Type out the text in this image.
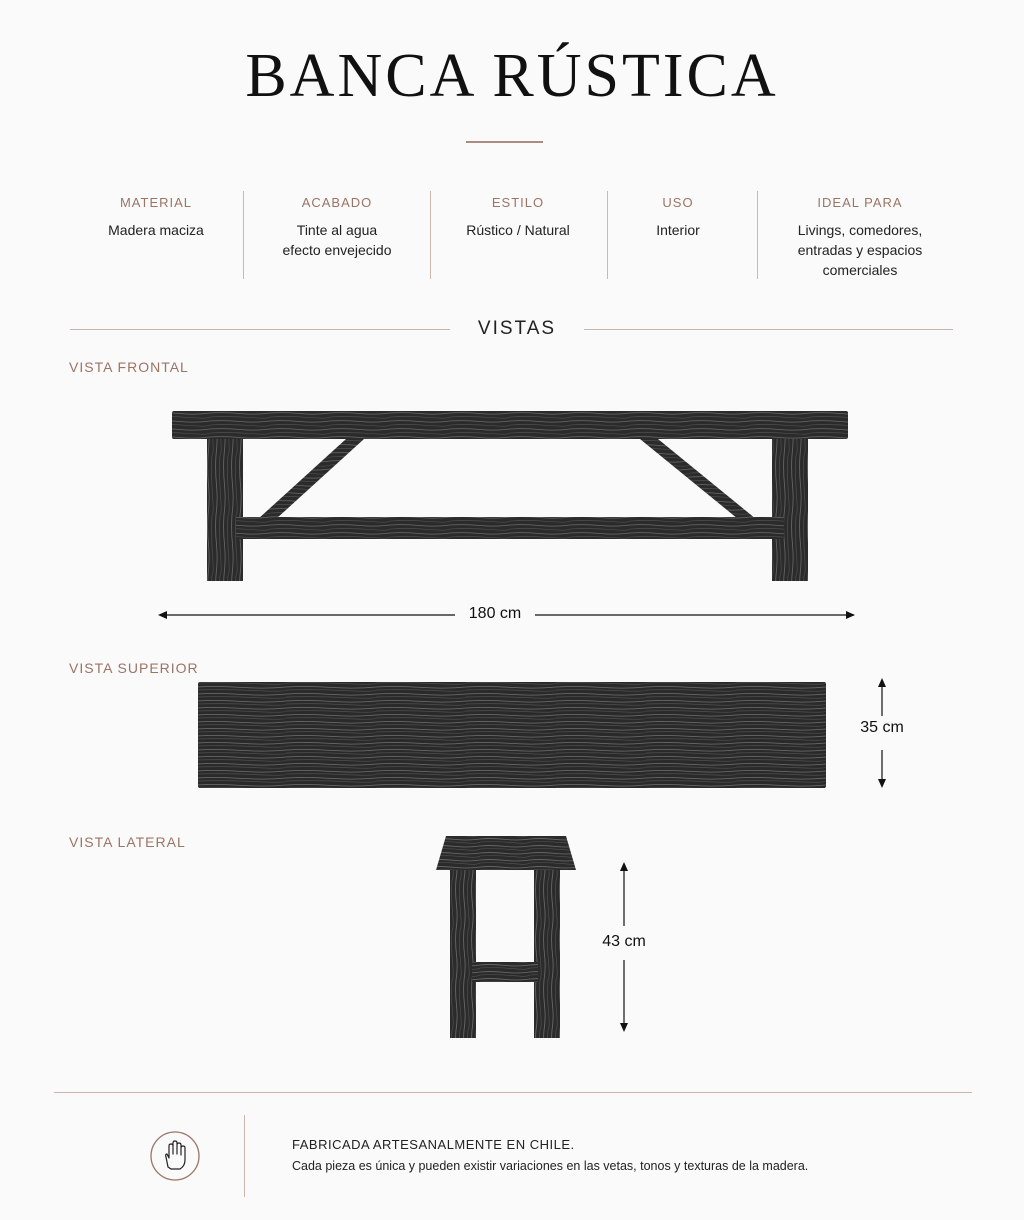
BANCA RÚSTICA
MATERIAL
Madera maciza
ACABADO
Tinte al agua
efecto envejecido
ESTILO
Rústico / Natural
USO
Interior
IDEAL PARA
Livings, comedores,
entradas y espacios
comerciales
VISTAS
VISTA FRONTAL
180 cm
VISTA SUPERIOR
35 cm
VISTA LATERAL
43 cm
FABRICADA ARTESANALMENTE EN CHILE.
Cada pieza es única y pueden existir variaciones en las vetas, tonos y texturas de la madera.
